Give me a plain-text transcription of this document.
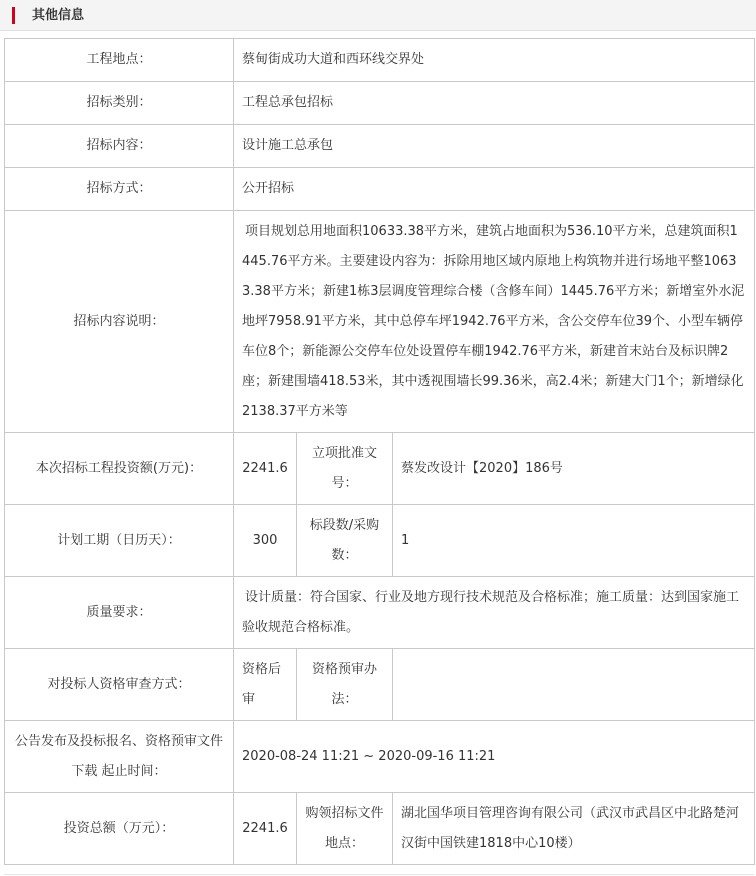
其他信息
工程地点：	蔡甸街成功大道和西环线交界处		
招标类别：	工程总承包招标		
招标内容：	设计施工总承包		
招标方式：	公开招标		
招标内容说明：	项目规划总用地面积10633.38平方米，建筑占地面积为536.10平方米，总建筑面积1445.76平方米。主要建设内容为：拆除用地区域内原地上构筑物并进行场地平整10633.38平方米；新建1栋3层调度管理综合楼（含修车间）1445.76平方米；新增室外水泥地坪7958.91平方米，其中总停车坪1942.76平方米，含公交停车位39个、小型车辆停车位8个；新能源公交停车位处设置停车棚1942.76平方米，新建首末站台及标识牌2座；新建围墙418.53米，其中透视围墙长99.36米，高2.4米；新建大门1个；新增绿化2138.37平方米等		
本次招标工程投资额(万元)：	2241.6	立项批准文号：	蔡发改设计【2020】186号
计划工期（日历天）：	300	标段数/采购数：	1
质量要求：	设计质量：符合国家、行业及地方现行技术规范及合格标准；施工质量：达到国家施工验收规范合格标准。		
对投标人资格审查方式：	资格后审	资格预审办法：	
公告发布及投标报名、资格预审文件下载 起止时间：	2020-08-24 11:21 ~ 2020-09-16 11:21		
投资总额（万元）：	2241.6	购领招标文件地点：	湖北国华项目管理咨询有限公司（武汉市武昌区中北路楚河汉街中国铁建1818中心10楼）
